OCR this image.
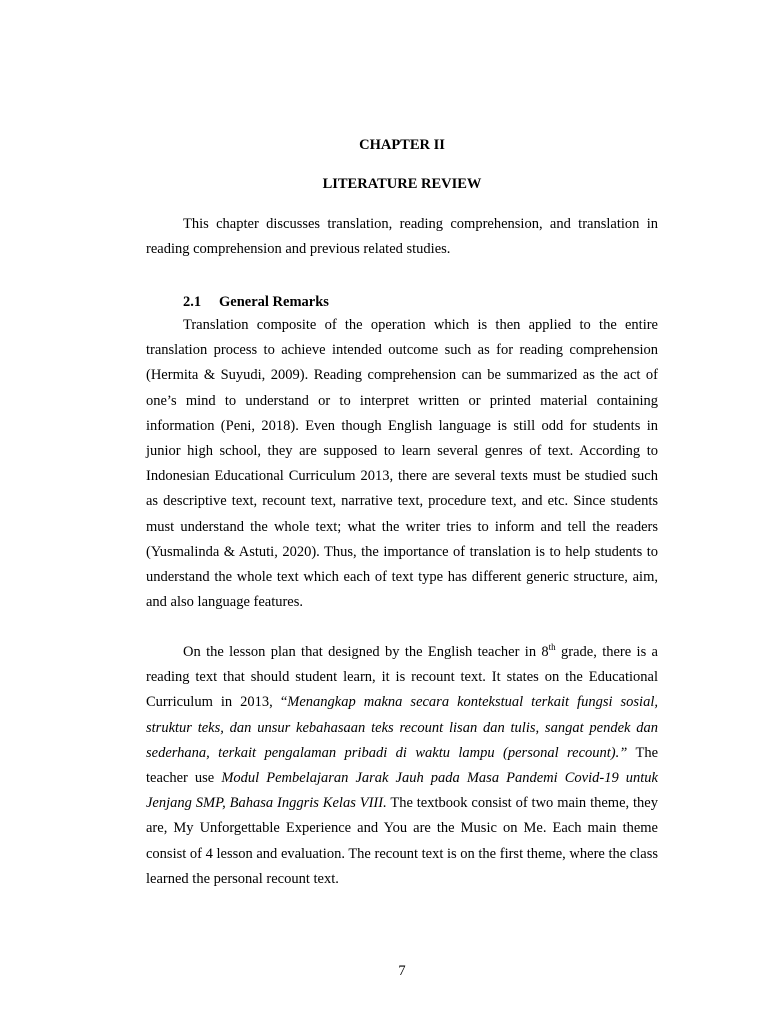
CHAPTER II
LITERATURE REVIEW

This chapter discusses translation, reading comprehension, and translation in reading comprehension and previous related studies.

2.1 General Remarks

Translation composite of the operation which is then applied to the entire translation process to achieve intended outcome such as for reading comprehension (Hermita & Suyudi, 2009). Reading comprehension can be summarized as the act of one’s mind to understand or to interpret written or printed material containing information (Peni, 2018). Even though English language is still odd for students in junior high school, they are supposed to learn several genres of text. According to Indonesian Educational Curriculum 2013, there are several texts must be studied such as descriptive text, recount text, narrative text, procedure text, and etc. Since students must understand the whole text; what the writer tries to inform and tell the readers (Yusmalinda & Astuti, 2020). Thus, the importance of translation is to help students to understand the whole text which each of text type has different generic structure, aim, and also language features.

On the lesson plan that designed by the English teacher in 8th grade, there is a reading text that should student learn, it is recount text. It states on the Educational Curriculum in 2013, “Menangkap makna secara kontekstual terkait fungsi sosial, struktur teks, dan unsur kebahasaan teks recount lisan dan tulis, sangat pendek dan sederhana, terkait pengalaman pribadi di waktu lampu (personal recount).” The teacher use Modul Pembelajaran Jarak Jauh pada Masa Pandemi Covid-19 untuk Jenjang SMP, Bahasa Inggris Kelas VIII. The textbook consist of two main theme, they are, My Unforgettable Experience and You are the Music on Me. Each main theme consist of 4 lesson and evaluation. The recount text is on the first theme, where the class learned the personal recount text.

7
